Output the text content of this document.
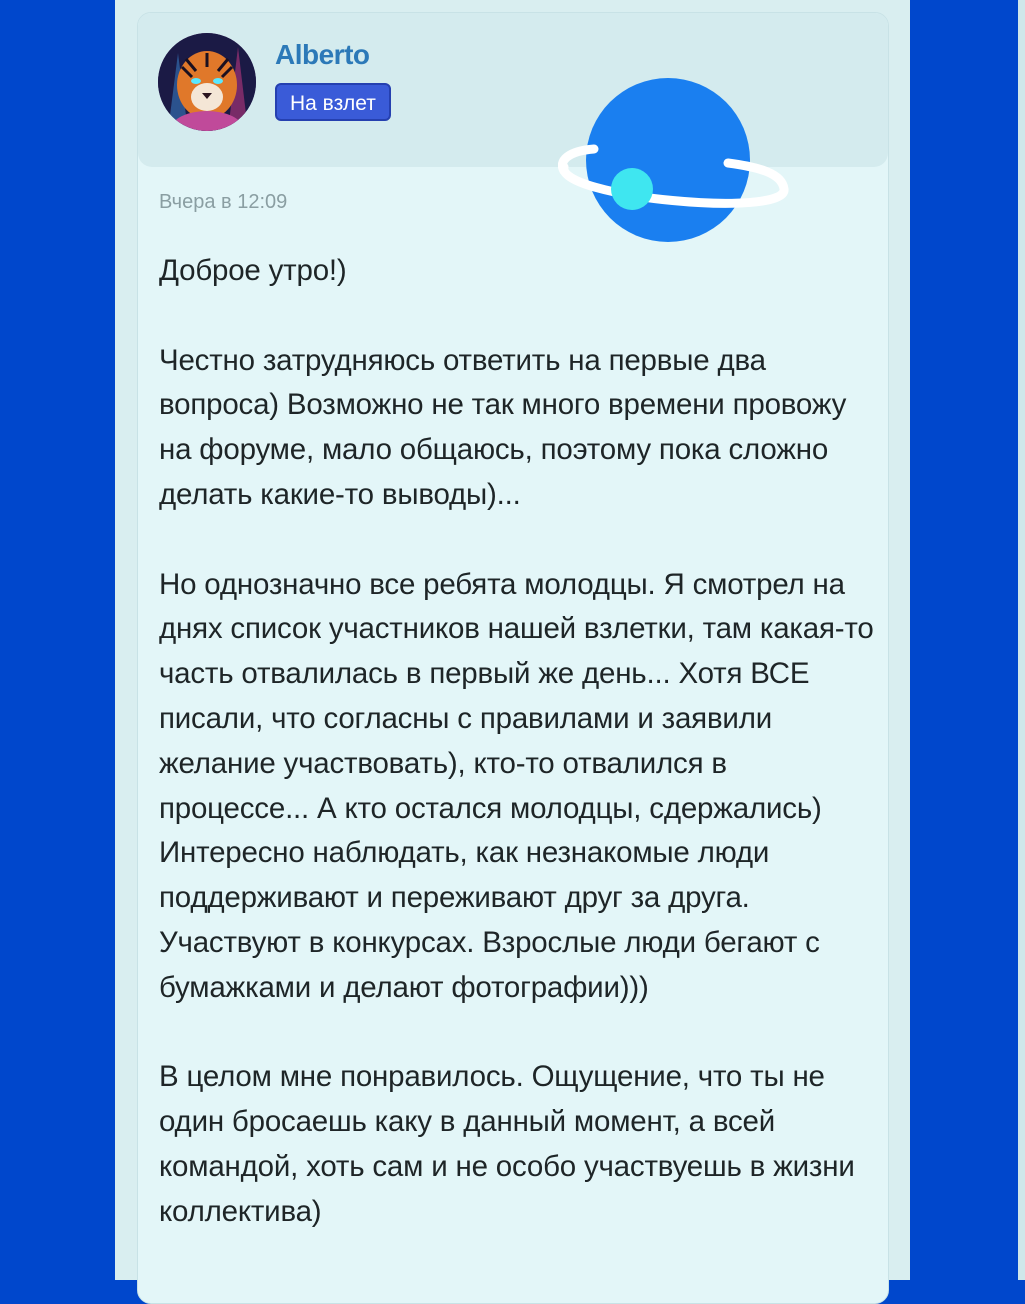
Alberto
На взлет
Вчера в 12:09

Доброе утро!)

Честно затрудняюсь ответить на первые два вопроса) Возможно не так много времени провожу на форуме, мало общаюсь, поэтому пока сложно делать какие-то выводы)...

Но однозначно все ребята молодцы. Я смотрел на днях список участников нашей взлетки, там какая-то часть отвалилась в первый же день... Хотя ВСЕ писали, что согласны с правилами и заявили желание участвовать), кто-то отвалился в процессе... А кто остался молодцы, сдержались) Интересно наблюдать, как незнакомые люди поддерживают и переживают друг за друга. Участвуют в конкурсах. Взрослые люди бегают с бумажками и делают фотографии)))

В целом мне понравилось. Ощущение, что ты не один бросаешь каку в данный момент, а всей командой, хоть сам и не особо участвуешь в жизни коллектива)
